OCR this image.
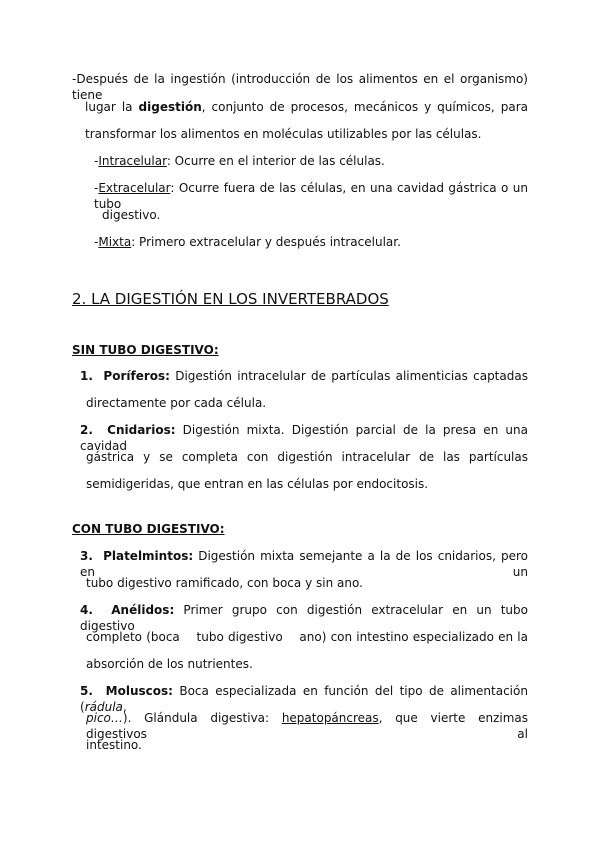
-Después de la ingestión (introducción de los alimentos en el organismo) tiene
lugar la digestión, conjunto de procesos, mecánicos y químicos, para
transformar los alimentos en moléculas utilizables por las células.
-Intracelular: Ocurre en el interior de las células.
-Extracelular: Ocurre fuera de las células, en una cavidad gástrica o un tubo
digestivo.
-Mixta: Primero extracelular y después intracelular.
2. LA DIGESTIÓN EN LOS INVERTEBRADOS
SIN TUBO DIGESTIVO:
1. Poríferos: Digestión intracelular de partículas alimenticias captadas
directamente por cada célula.
2. Cnidarios: Digestión mixta. Digestión parcial de la presa en una cavidad
gástrica y se completa con digestión intracelular de las partículas
semidigeridas, que entran en las células por endocitosis.
CON TUBO DIGESTIVO:
3. Platelmintos: Digestión mixta semejante a la de los cnidarios, pero en un
tubo digestivo ramificado, con boca y sin ano.
4. Anélidos: Primer grupo con digestión extracelular en un tubo digestivo
completo (boca    tubo digestivo    ano) con intestino especializado en la
absorción de los nutrientes.
5. Moluscos: Boca especializada en función del tipo de alimentación (rádula,
pico…). Glándula digestiva: hepatopáncreas, que vierte enzimas digestivos al
intestino.
